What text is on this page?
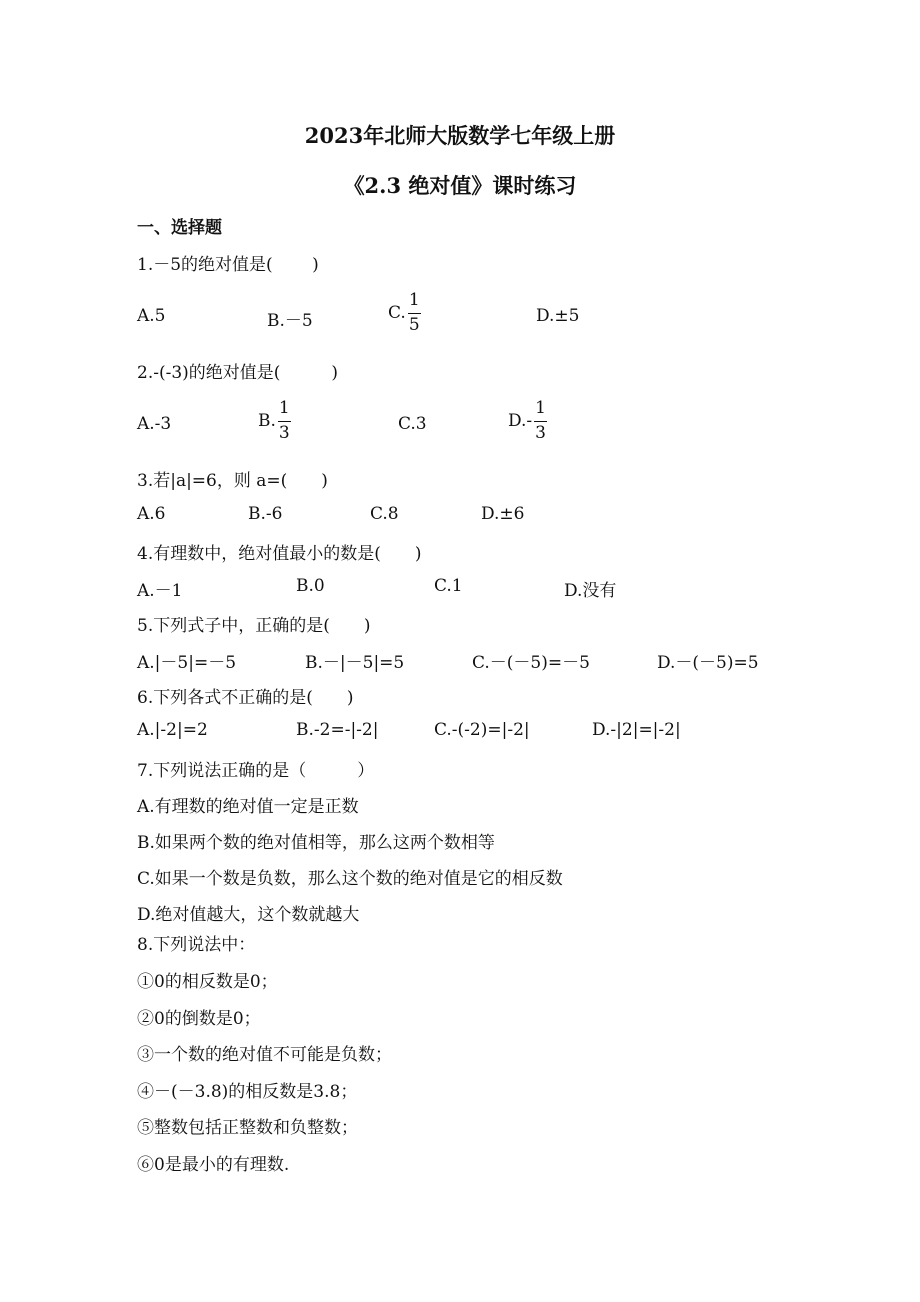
2023年北师大版数学七年级上册
《2.3 绝对值》课时练习
一、选择题
1.－5的绝对值是(　　 )
A.5	B.－5	C. $\frac{1}{5}$	D.±5
2.-(-3)的绝对值是(　　　)
A.-3	B. $\frac{1}{3}$	C.3	$D.- \frac{1}{3}$
3.若|a|=6，则 a=(　　)
A.6	B.-6	C.8	D.±6
4.有理数中，绝对值最小的数是(　　)
A.－1	B.0	C.1	D.没有
5.下列式子中，正确的是(　　)
A.|－5|=－5	B.－|－5|=5	C.－(－5)=－5	D.－(－5)=5
6.下列各式不正确的是(　　)
A.|-2|=2	B.-2=-|-2|	C.-(-2)=|-2|	D.-|2|=|-2|
7.下列说法正确的是（　　　）
A.有理数的绝对值一定是正数
B.如果两个数的绝对值相等，那么这两个数相等
C.如果一个数是负数，那么这个数的绝对值是它的相反数
D.绝对值越大，这个数就越大
8.下列说法中：
①0的相反数是0；
②0的倒数是0；
③一个数的绝对值不可能是负数；
④－(－3.8)的相反数是3.8；
⑤整数包括正整数和负整数；
⑥0是最小的有理数.
